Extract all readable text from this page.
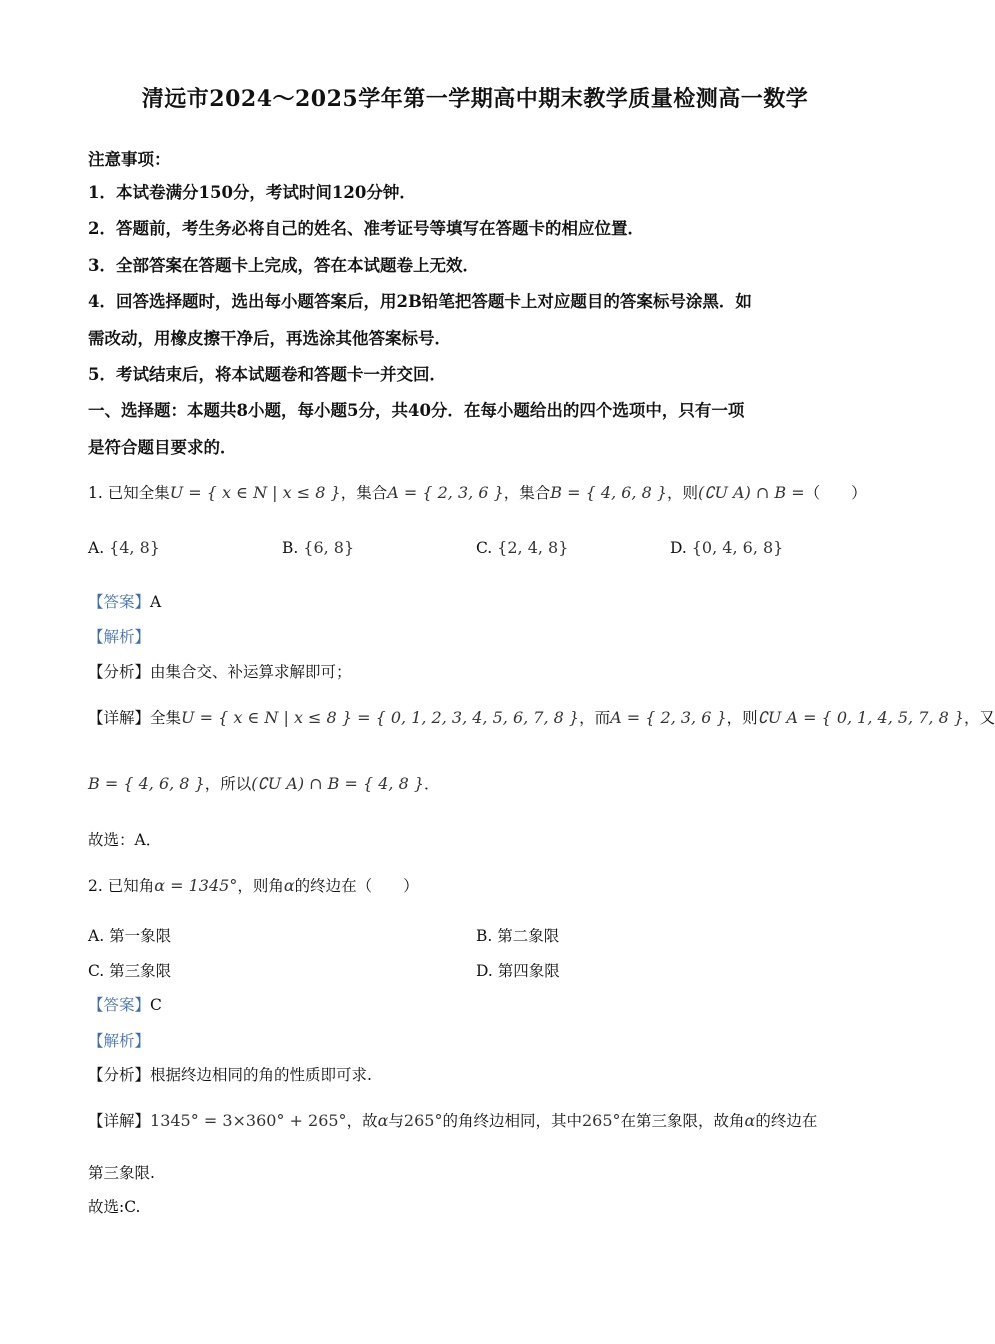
清远市2024～2025学年第一学期高中期末教学质量检测高一数学
注意事项：
1．本试卷满分150分，考试时间120分钟．
2．答题前，考生务必将自己的姓名、准考证号等填写在答题卡的相应位置．
3．全部答案在答题卡上完成，答在本试题卷上无效．
4．回答选择题时，选出每小题答案后，用2B铅笔把答题卡上对应题目的答案标号涂黑．如
需改动，用橡皮擦干净后，再选涂其他答案标号．
5．考试结束后，将本试题卷和答题卡一并交回．
一、选择题：本题共8小题，每小题5分，共40分．在每小题给出的四个选项中，只有一项
是符合题目要求的．
1. 已知全集U = { x ∈ N | x ≤ 8 }，集合A = { 2, 3, 6 }，集合B = { 4, 6, 8 }，则(∁U A) ∩ B =（　　）
A. {4, 8}	B. {6, 8}	C. {2, 4, 8}	D. {0, 4, 6, 8}
【答案】A
【解析】
【分析】由集合交、补运算求解即可；
【详解】全集U = { x ∈ N | x ≤ 8 } = { 0, 1, 2, 3, 4, 5, 6, 7, 8 }，而A = { 2, 3, 6 }，则∁U A = { 0, 1, 4, 5, 7, 8 }，又
B = { 4, 6, 8 }，所以(∁U A) ∩ B = { 4, 8 }．
故选：A．
2. 已知角α = 1345°，则角α的终边在（　　）
A. 第一象限	B. 第二象限
C. 第三象限	D. 第四象限
【答案】C
【解析】
【分析】根据终边相同的角的性质即可求.
【详解】1345° = 3×360° + 265°，故α与265°的角终边相同，其中265°在第三象限，故角α的终边在
第三象限.
故选:C.
